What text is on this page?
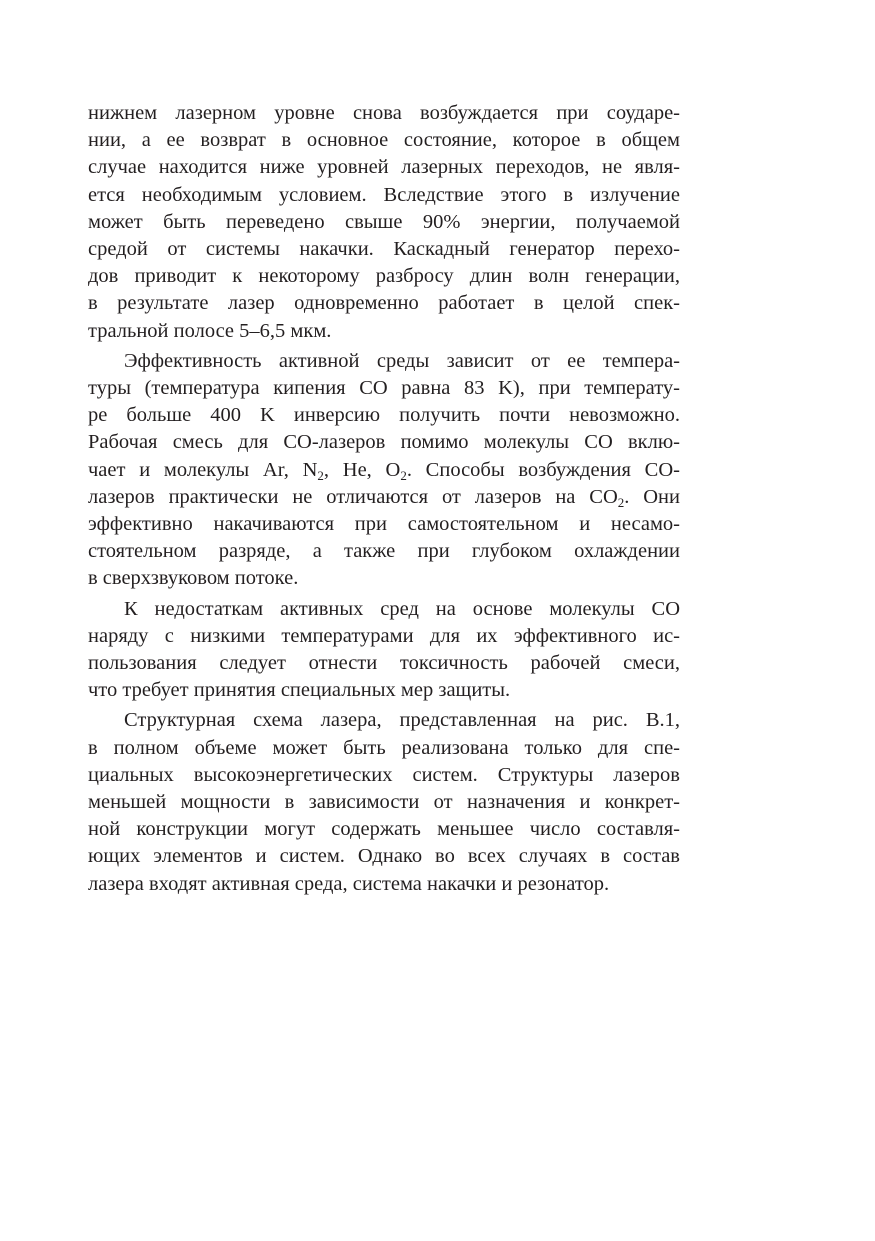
нижнем лазерном уровне снова возбуждается при соударе-
нии, а ее возврат в основное состояние, которое в общем
случае находится ниже уровней лазерных переходов, не явля-
ется необходимым условием. Вследствие этого в излучение
может быть переведено свыше 90% энергии, получаемой
средой от системы накачки. Каскадный генератор перехо-
дов приводит к некоторому разбросу длин волн генерации,
в результате лазер одновременно работает в целой спек-
тральной полосе 5–6,5 мкм.
Эффективность активной среды зависит от ее темпера-
туры (температура кипения CO равна 83 K), при температу-
ре больше 400 K инверсию получить почти невозможно.
Рабочая смесь для CO-лазеров помимо молекулы CO вклю-
чает и молекулы Ar, $N_2$, He, $O_2$. Способы возбуждения CO-
лазеров практически не отличаются от лазеров на $CO_2$. Они
эффективно накачиваются при самостоятельном и несамо-
стоятельном разряде, а также при глубоком охлаждении
в сверхзвуковом потоке.
К недостаткам активных сред на основе молекулы CO
наряду с низкими температурами для их эффективного ис-
пользования следует отнести токсичность рабочей смеси,
что требует принятия специальных мер защиты.
Структурная схема лазера, представленная на рис. В.1,
в полном объеме может быть реализована только для спе-
циальных высокоэнергетических систем. Структуры лазеров
меньшей мощности в зависимости от назначения и конкрет-
ной конструкции могут содержать меньшее число составля-
ющих элементов и систем. Однако во всех случаях в состав
лазера входят активная среда, система накачки и резонатор.
